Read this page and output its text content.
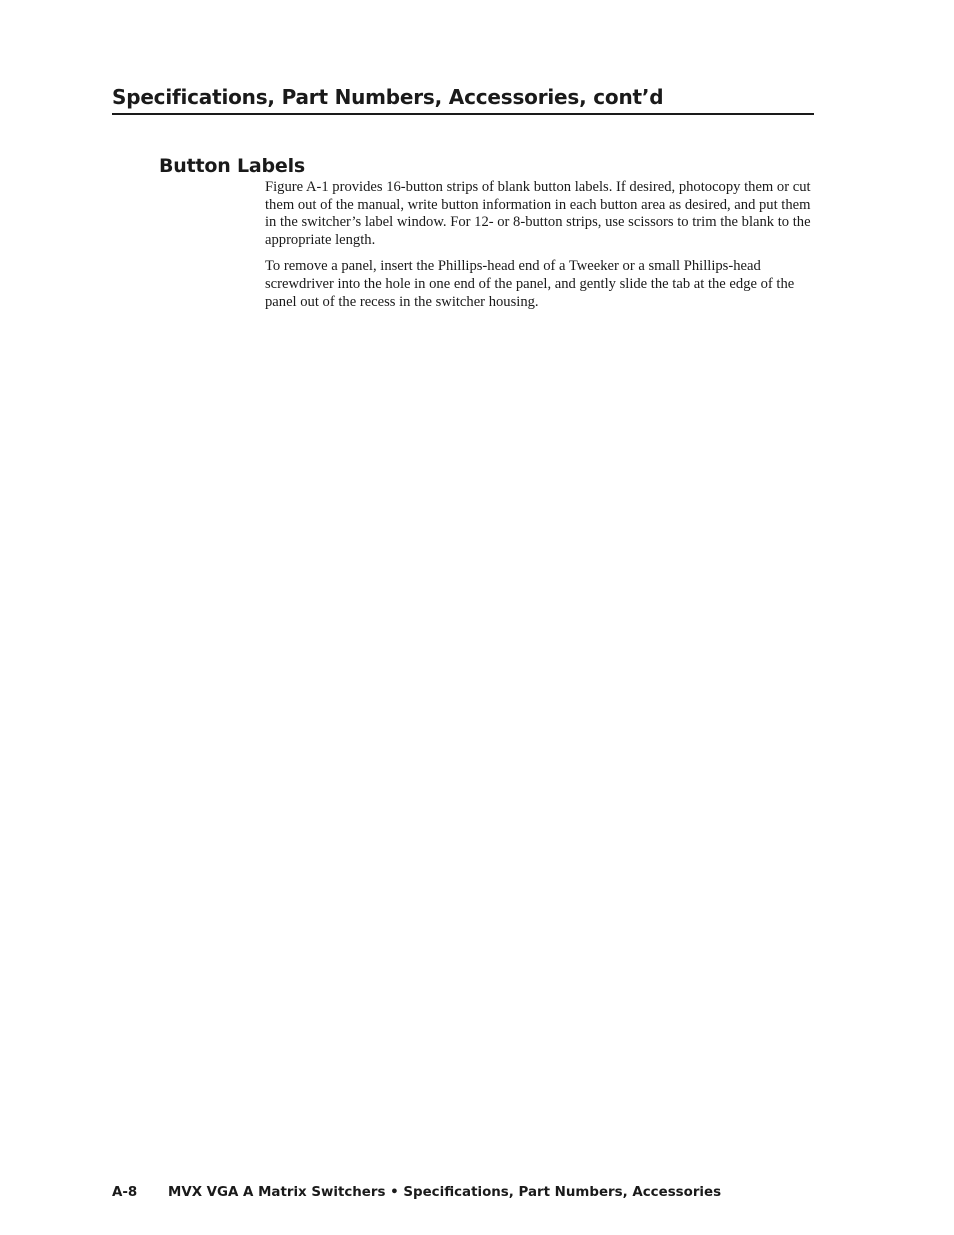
Specifications, Part Numbers, Accessories, cont’d
Button Labels

Figure A-1 provides 16-button strips of blank button labels. If desired, photocopy them or cut them out of the manual, write button information in each button area as desired, and put them in the switcher’s label window. For 12- or 8-button strips, use scissors to trim the blank to the appropriate length.

To remove a panel, insert the Phillips-head end of a Tweeker or a small Phillips-head screwdriver into the hole in one end of the panel, and gently slide the tab at the edge of the panel out of the recess in the switcher housing.

A-8 MVX VGA A Matrix Switchers • Specifications, Part Numbers, Accessories
